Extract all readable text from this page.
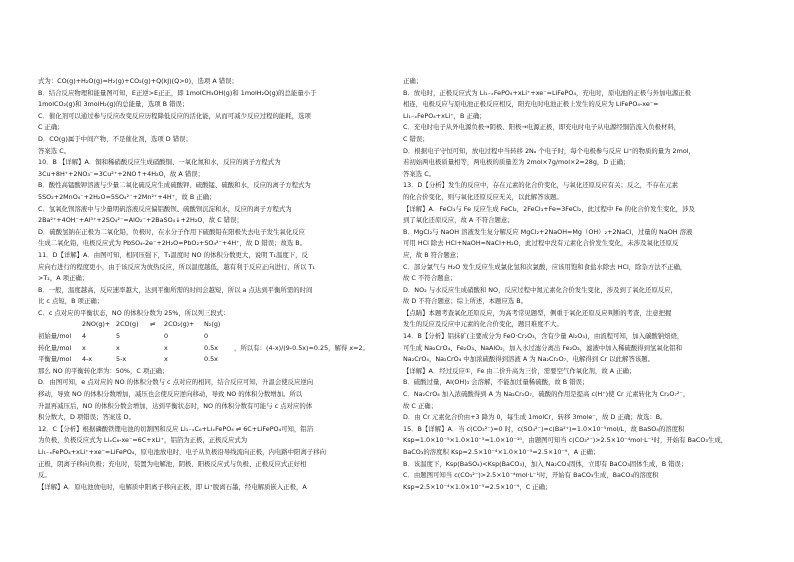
式为：CO(g)+H₂O(g)=H₂(g)+CO₂(g)+Q(kJ)(Q>0)，选项 A 错误；
B．结合反应物理和能量图可知，E正逆>E正正，即 1molCH₃OH(g)和 1molH₂O(g)的总能量小于
1molCO₂(g)和 3molH₂(g)的总能量，选项 B 错误；
C．催化剂可以通过参与反应改变反应历程降低反应的活化能，从而可减少反应过程的能耗，选项
C 正确；
D．CO(g)属于中间产物，不是催化剂，选项 D 错误；
答案选 C。
10．B 【详解】A．铜和稀硝酸反应生成硝酸铜、一氧化氮和水，反应的离子方程式为
3Cu+8H⁺+2NO₃⁻=3Cu²⁺+2NO↑+4H₂O，故 A 错误；
B．酸性高锰酸钾溶液与少量二氧化硫反应生成硫酸钾、硫酸锰、硫酸和水，反应的离子方程式为
5SO₂+2MnO₄⁻+2H₂O=5SO₄²⁻+2Mn²⁺+4H⁺，故 B 正确；
C．氢氧化钡溶液中与少量明矾溶液反应偏铝酸钡、硫酸钡沉淀和水，反应的离子方程式为
2Ba²⁺+4OH⁻+Al³⁺+2SO₄²⁻=AlO₂⁻+2BaSO₄↓+2H₂O，故 C 错误；
D．硫酸氢钠在正极为二氧化铅，负极时，在水分子作用下硫酸铅在阳极失去电子发生氧化反应
生成二氧化铅，电极反应式为 PbSO₄-2e⁻+2H₂O=PbO₂+SO₄²⁻+4H⁺，故 D 错误；故选 B。
11．D【详解】A．由图可知，相同压强下，T₁温度时 NO 的体积分数更大，说明 T₁温度下，反
应向右进行的程度更小，由于该反应为放热反应，所以温度越低，越有利于反应正向进行，所以 T₁
>T₂，A 项正确；
B．一般，温度越高，反应速率越大，达到平衡所需的时间会越短，所以 a 点达到平衡所需的时间
比 c 点短，B 项正确；
C．c 点对应的平衡状态，NO 的体积分数为 25%，所以列三段式：
2NO(g)+ 2CO(g)	⇌	2CO₂(g)+	N₂(g)
初始量/mol	4	5	0	0
转化量/mol	x	x	x	0.5x	，所以有：(4-x)/(9-0.5x)=0.25，解得 x=2。
平衡量/mol	4-x	5-x	x	0.5x
那么 NO 的平衡转化率为：50%，C 项正确；
D．由图可知，e 点对应的 NO 的体积分数与 c 点对应的相同，结合反应可知，升温会使反应逆向
移动，导致 NO 的体积分数增加，减压也会使反应逆向移动，导致 NO 的体积分数增加。所以
升温再减压后，NO 的体积分数会增加，达到平衡状态时，NO 的体积分数有可能与 c 点对应的体
积分数大，D 项错误；答案选 D。
12．C【分析】根据磷酸铁锂电池的切割图和反应 Li₁₋ₓC₆+LiₓFePO₄ ⇌ 6C+LiFePO₄可知，铝箔
为负极，负极反应式为 LiₓC₆-xe⁻=6C+xLi⁺，铝箔为正极，正极反应式为
Li₁₋ₓFePO₄+xLi⁺+xe⁻=LiFePO₄，原电池放电时，电子从负极沿导线流向正极，内电路中阳离子移向
正极，阴离子移向负极；充电时，装置为电解池，阴极、阳极反应式与负极、正极反应式正好相
反。
【详解】A．原电池放电时，电解质中阳离子移向正极，即 Li⁺脱离石墨，经电解质嵌入正极，A
正确；
B．放电时，正极反应式为 Li₁₋ₓFePO₄+xLi⁺+xe⁻=LiFePO₄，充电时，原电池的正极与外加电源正极
相连，电极反应与原电池正极反应相反，阳充电时电池正极上发生的反应为 LiFePO₄-xe⁻=
Li₁₋ₓFePO₄+xLi⁺，B 正确；
C．充电时电子从外电源负极→阴极、阳极→电源正极，即充电时电子从电源经铜箔流入负极材料，
C 错误；
D．根据电子守恒可知，放电过程中当转移 2Nₐ 个电子时，每个电极参与反应 Li⁺的物质的量为 2mol，
若初始两电极质量相等，两电极的质量差为 2mol×7g/mol×2=28g，D 正确；
答案选 C。
13．D【分析】发生的反应中，存在元素的化合价变化，与氧化还原反应有关；反之，不存在元素
的化合价变化，则与氧化还原反应无关，以此解答该题。
【详解】A．FeCl₃与 Fe 反应生成 FeCl₂，2FeCl₃+Fe=3FeCl₂，此过程中 Fe 的化合价发生变化，涉及
到了氧化还原反应，故 A 不符合题意；
B．MgCl₂与 NaOH 溶液发生复分解反应 MgCl₂+2NaOH=Mg（OH）₂+2NaCl，过量的 NaOH 溶液
可用 HCl 除去 HCl+NaOH=NaCl+H₂O，此过程中没有元素化合价发生变化，未涉及氧化还原反
应，故 B 符合题意；
C．部分氯气与 H₂O 发生反应生成氯化氢和次氯酸，应该用饱和食盐水除去 HCl，除杂方法不正确，
故 C 不符合题意；
D．NO₂ 与水反应生成硝酸和 NO，反应过程中氮元素化合价发生变化，涉及到了氧化还原反应，
故 D 不符合题意；综上所述，本题应选 B。
【点睛】本题考查氧化还原反应，为高考常见题型，侧重于氧化还原反应判断的考查，注意把握
发生的反应及反应中元素的化合价变化，题目难度不大。
14．B【分析】铝抹矿(主要成分为 FeO·Cr₂O₃，含有少量 Al₂O₃)，由流程可知，加入碳酸钠焙烧，
可生成 Na₂CrO₄、Fe₂O₃、NaAlO₂，加入水过滤分离出 Fe₂O₃，滤液中加入稀硫酸得到氢氧化铝和
Na₂CrO₄，Na₂CrO₄ 中加浓硫酸得到溶液 A 为 Na₂Cr₂O₇，电解得到 Cr 以此解答该题。
【详解】A．经过反应①，Fe 由二价升高为三价，需要空气作氧化剂，故 A 正确；
B．硫酸过量，Al(OH)₃ 会溶解，不能加过量稀硫酸，故 B 错误；
C．Na₂CrO₄ 加入浓硫酸得到 A 为 Na₂Cr₂O₇，硫酸的作用是提高 c(H⁺)使 Cr 元素转化为 Cr₂O₇²⁻，
故 C 正确；
D．由 Cr 元素化合价由+3 降为 0，每生成 1molCr，转移 3mole⁻，故 D 正确；故选：B。
15．B【详解】A．当 c(CO₃²⁻)=0 时，c(SO₄²⁻)=c(Ba²⁺)=1.0×10⁻⁵mol/L，故 BaSO₄的溶度积
Ksp=1.0×10⁻⁵×1.0×10⁻⁵=1.0×10⁻¹⁰，由题图可知当 c(CO₃²⁻)>2.5×10⁻⁴mol·L⁻¹时，开始有 BaCO₃生成，
BaCO₃的溶度积 Ksp=2.5×10⁻⁴×1.0×10⁻⁵=2.5×10⁻⁹，A 正确；
B．该温度下，Ksp(BaSO₄)<Ksp(BaCO₃)，加入 Na₂CO₃固体，立即有 BaCO₃固体生成，B 错误；
C．由题图可知当 c(CO₃²⁻)>2.5×10⁻⁴mol·L⁻¹时，开始有 BaCO₃生成，BaCO₃的溶度积
Ksp=2.5×10⁻⁴×1.0×10⁻⁵=2.5×10⁻⁹，C 正确；
